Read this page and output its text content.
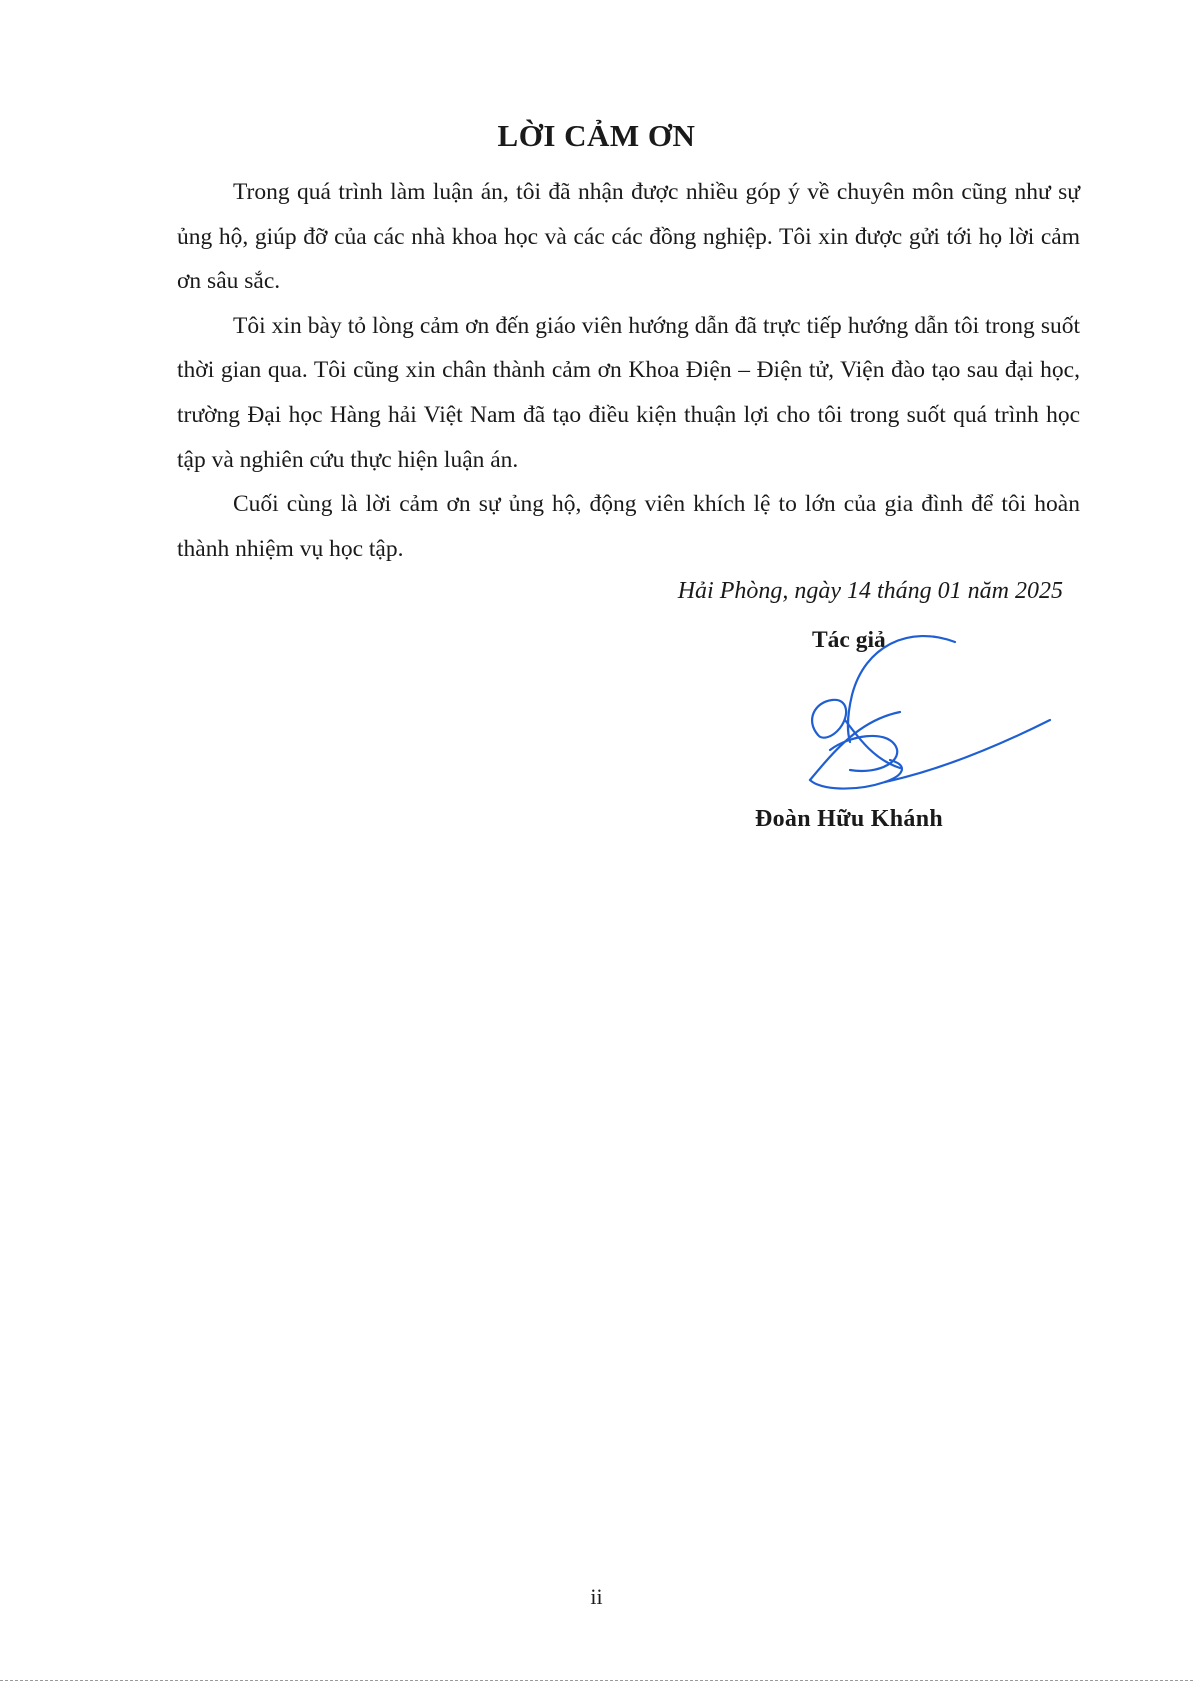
LỜI CẢM ƠN

Trong quá trình làm luận án, tôi đã nhận được nhiều góp ý về chuyên môn cũng như sự ủng hộ, giúp đỡ của các nhà khoa học và các các đồng nghiệp. Tôi xin được gửi tới họ lời cảm ơn sâu sắc.

Tôi xin bày tỏ lòng cảm ơn đến giáo viên hướng dẫn đã trực tiếp hướng dẫn tôi trong suốt thời gian qua. Tôi cũng xin chân thành cảm ơn Khoa Điện – Điện tử, Viện đào tạo sau đại học, trường Đại học Hàng hải Việt Nam đã tạo điều kiện thuận lợi cho tôi trong suốt quá trình học tập và nghiên cứu thực hiện luận án.

Cuối cùng là lời cảm ơn sự ủng hộ, động viên khích lệ to lớn của gia đình để tôi hoàn thành nhiệm vụ học tập.

Hải Phòng, ngày 14 tháng 01 năm 2025
Tác giả
Đoàn Hữu Khánh
ii
